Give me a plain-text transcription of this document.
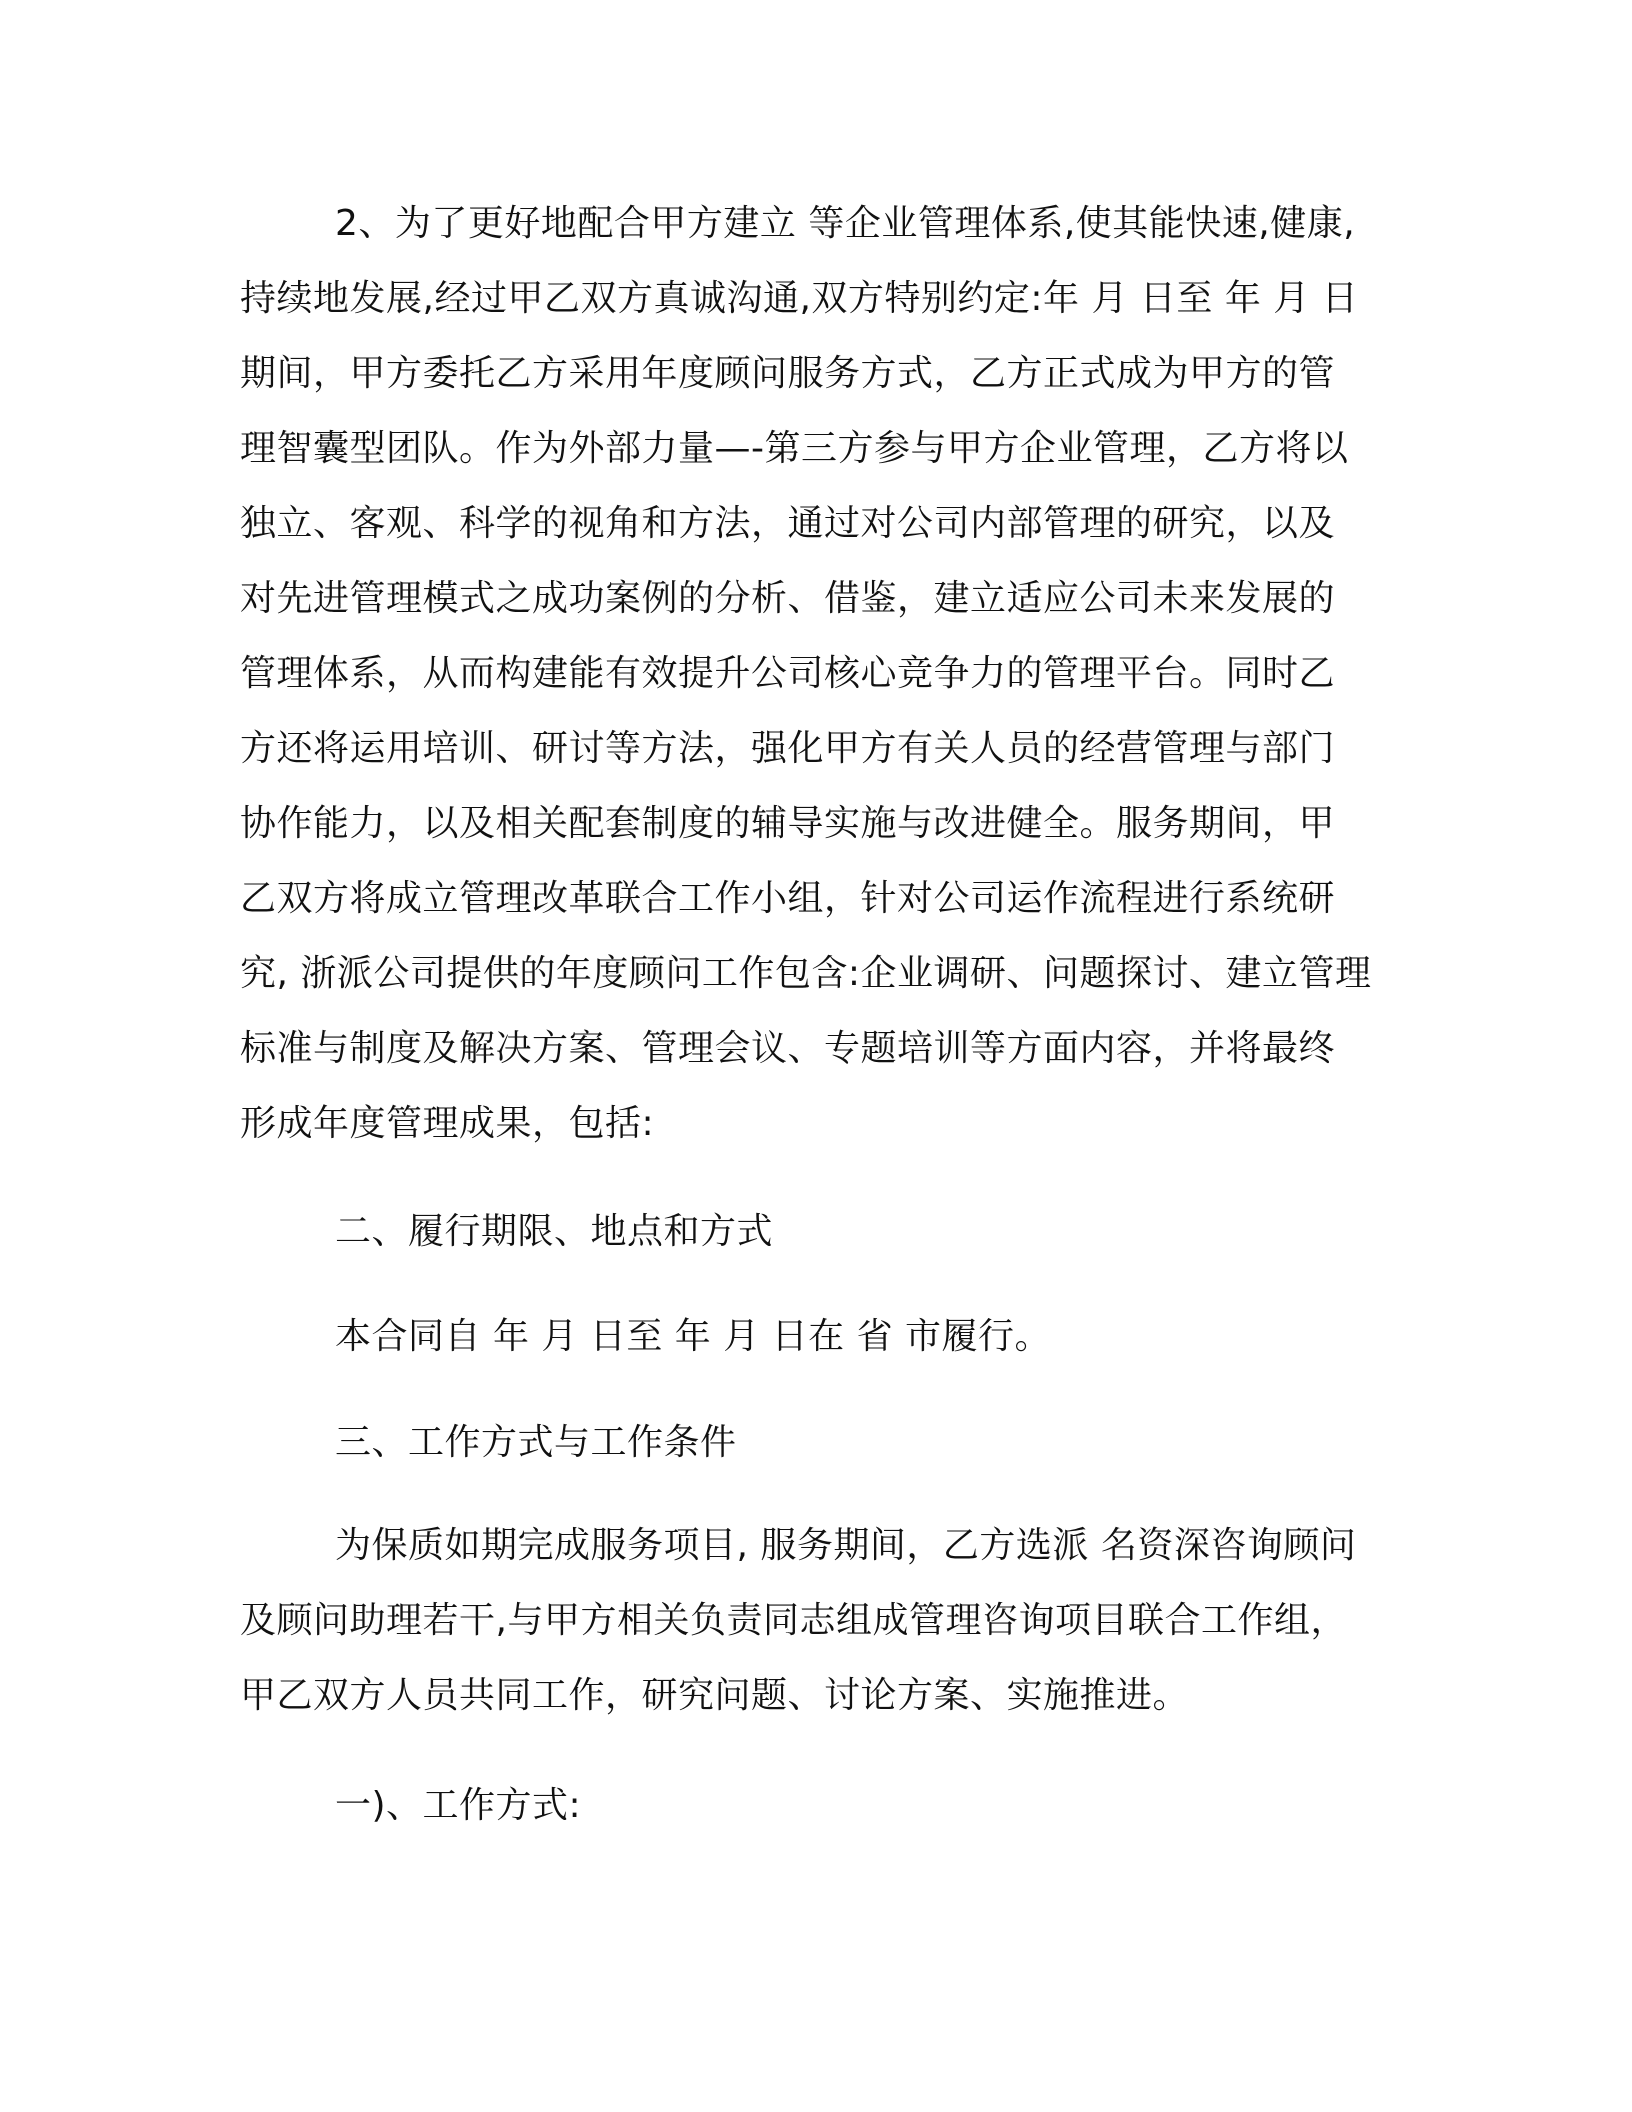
2、为了更好地配合甲方建立 等企业管理体系,使其能快速,健康,
持续地发展,经过甲乙双方真诚沟通,双方特别约定:年 月 日至 年 月 日
期间，甲方委托乙方采用年度顾问服务方式，乙方正式成为甲方的管
理智囊型团队。作为外部力量—-第三方参与甲方企业管理，乙方将以
独立、客观、科学的视角和方法，通过对公司内部管理的研究，以及
对先进管理模式之成功案例的分析、借鉴，建立适应公司未来发展的
管理体系，从而构建能有效提升公司核心竞争力的管理平台。同时乙
方还将运用培训、研讨等方法，强化甲方有关人员的经营管理与部门
协作能力，以及相关配套制度的辅导实施与改进健全。服务期间，甲
乙双方将成立管理改革联合工作小组，针对公司运作流程进行系统研
究, 浙派公司提供的年度顾问工作包含:企业调研、问题探讨、建立管理
标准与制度及解决方案、管理会议、专题培训等方面内容，并将最终
形成年度管理成果，包括:
二、履行期限、地点和方式
本合同自 年 月 日至 年 月 日在 省 市履行。
三、工作方式与工作条件
为保质如期完成服务项目, 服务期间，乙方选派 名资深咨询顾问
及顾问助理若干,与甲方相关负责同志组成管理咨询项目联合工作组，
甲乙双方人员共同工作，研究问题、讨论方案、实施推进。
一)、工作方式:
